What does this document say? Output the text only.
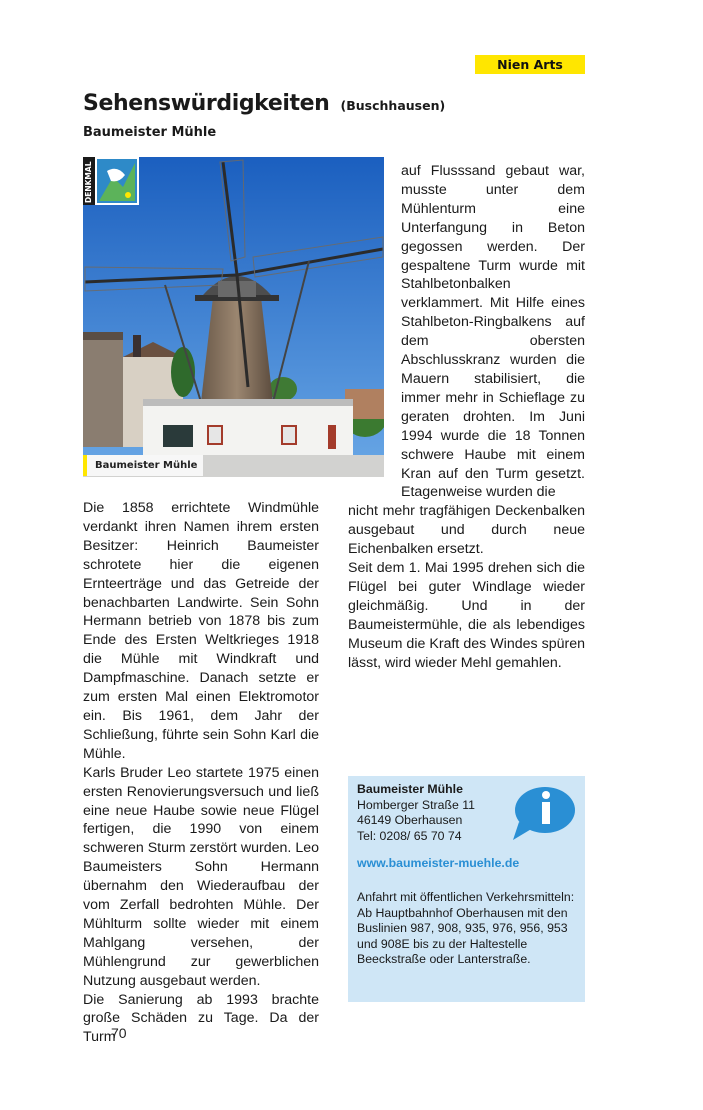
Nien Arts
Sehenswürdigkeiten (Buschhausen)
Baumeister Mühle
DENKMAL
Baumeister Mühle

Die 1858 errichtete Windmühle verdankt ihren Namen ihrem ersten Besitzer: Heinrich Baumeister schrotete hier die eigenen Ernteerträge und das Getreide der benachbarten Landwirte. Sein Sohn Hermann betrieb von 1878 bis zum Ende des Ersten Weltkrieges 1918 die Mühle mit Windkraft und Dampfmaschine. Danach setzte er zum ersten Mal einen Elektromotor ein. Bis 1961, dem Jahr der Schließung, führte sein Sohn Karl die Mühle.

Karls Bruder Leo startete 1975 einen ersten Renovierungsversuch und ließ eine neue Haube sowie neue Flügel fertigen, die 1990 von einem schweren Sturm zerstört wurden. Leo Baumeisters Sohn Hermann übernahm den Wiederaufbau der vom Zerfall bedrohten Mühle. Der Mühlturm sollte wieder mit einem Mahlgang versehen, der Mühlengrund zur gewerblichen Nutzung ausgebaut werden.

Die Sanierung ab 1993 brachte große Schäden zu Tage. Da der Turm

auf Flusssand gebaut war, musste unter dem Mühlenturm eine Unterfangung in Beton gegossen werden. Der gespaltene Turm wurde mit Stahlbetonbalken verklammert. Mit Hilfe eines Stahlbeton-Ringbalkens auf dem obersten Abschlusskranz wurden die Mauern stabilisiert, die immer mehr in Schieflage zu geraten drohten. Im Juni 1994 wurde die 18 Tonnen schwere Haube mit einem Kran auf den Turm gesetzt. Etagenweise wurden die

nicht mehr tragfähigen Deckenbalken ausgebaut und durch neue Eichenbalken ersetzt.

Seit dem 1. Mai 1995 drehen sich die Flügel bei guter Windlage wieder gleichmäßig. Und in der Baumeistermühle, die als lebendiges Museum die Kraft des Windes spüren lässt, wird wieder Mehl gemahlen.

Baumeister Mühle
Homberger Straße 11
46149 Oberhausen
Tel: 0208/ 65 70 74
www.baumeister-muehle.de
Anfahrt mit öffentlichen Verkehrsmitteln:
Ab Hauptbahnhof Oberhausen mit den Buslinien 987, 908, 935, 976, 956, 953 und 908E bis zu der Haltestelle Beeckstraße oder Lanterstraße.
70
